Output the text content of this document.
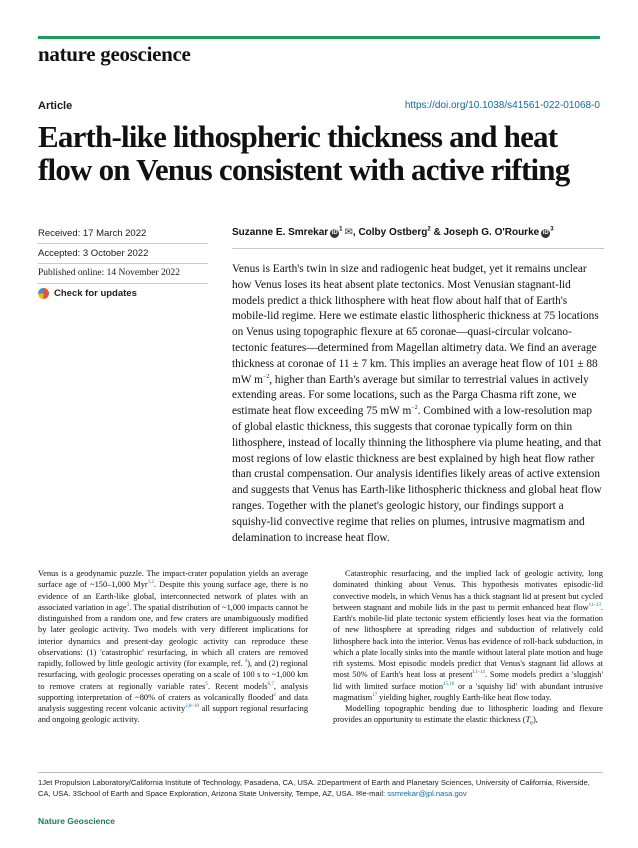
nature geoscience
Article	https://doi.org/10.1038/s41561-022-01068-0
Earth-like lithospheric thickness and heat
flow on Venus consistent with active rifting
Received: 17 March 2022
Accepted: 3 October 2022
Published online: 14 November 2022
Check for updates
Suzanne E. Smrekar $iD^1$ ✉, Colby Ostberg$^2$ & Joseph G. O'Rourke $iD^3$
Venus is Earth's twin in size and radiogenic heat budget, yet it remains unclear how Venus loses its heat absent plate tectonics. Most Venusian stagnant-lid models predict a thick lithosphere with heat flow about half that of Earth's mobile-lid regime. Here we estimate elastic lithospheric thickness at 75 locations on Venus using topographic flexure at 65 coronae—quasi-circular volcano-tectonic features—determined from Magellan altimetry data. We find an average thickness at coronae of 11 ± 7 km. This implies an average heat flow of 101 ± 88 mW $m^{-2}$, higher than Earth's average but similar to terrestrial values in actively extending areas. For some locations, such as the Parga Chasma rift zone, we estimate heat flow exceeding 75 mW $m^{-2}$. Combined with a low-resolution map of global elastic thickness, this suggests that coronae typically form on thin lithosphere, instead of locally thinning the lithosphere via plume heating, and that most regions of low elastic thickness are best explained by high heat flow rather than crustal compensation. Our analysis identifies likely areas of active extension and suggests that Venus has Earth-like lithospheric thickness and global heat flow ranges. Together with the planet's geologic history, our findings support a squishy-lid convective regime that relies on plumes, intrusive magmatism and delamination to increase heat flow.

Venus is a geodynamic puzzle. The impact-crater population yields an average surface age of ~150–1,000 Myr$^{1,2}$. Despite this young surface age, there is no evidence of an Earth-like global, interconnected network of plates with an associated variation in age$^3$. The spatial distribution of ~1,000 impacts cannot be distinguished from a random one, and few craters are unambiguously modified by later geologic activity. Two models with very different implications for interior dynamics and present-day geologic activity can reproduce these observations: (1) 'catastrophic' resurfacing, in which all craters are removed rapidly, followed by little geologic activity (for example, ref. $^4$), and (2) regional resurfacing, with geologic processes operating on a scale of 100 s to ~1,000 km to remove craters at regionally variable rates$^5$. Recent models$^{6,7}$, analysis supporting interpretation of ~80% of craters as volcanically flooded$^2$ and data analysis suggesting recent volcanic activity$^{2,8-10}$ all support regional resurfacing and ongoing geologic activity.

Catastrophic resurfacing, and the implied lack of geologic activity, long dominated thinking about Venus. This hypothesis motivates episodic-lid convective models, in which Venus has a thick stagnant lid at present but cycled between stagnant and mobile lids in the past to permit enhanced heat flow$^{11-13}$. Earth's mobile-lid plate tectonic system efficiently loses heat via the formation of new lithosphere at spreading ridges and subduction of relatively cold lithosphere back into the interior. Venus has evidence of roll-back subduction, in which a plate locally sinks into the mantle without lateral plate motion and huge rift systems. Most episodic models predict that Venus's stagnant lid allows at most 50% of Earth's heat loss at present$^{11-14}$. Some models predict a 'sluggish' lid with limited surface motion$^{15,16}$ or a 'squishy lid' with abundant intrusive magmatism$^{17}$ yielding higher, roughly Earth-like heat flow today.

Modelling topographic bending due to lithospheric loading and flexure provides an opportunity to estimate the elastic thickness $(T_e)$,

1Jet Propulsion Laboratory/California Institute of Technology, Pasadena, CA, USA. 2Department of Earth and Planetary Sciences, University of California, Riverside, CA, USA. 3School of Earth and Space Exploration, Arizona State University, Tempe, AZ, USA. ✉e-mail: ssmrekar@jpl.nasa.gov
Nature Geoscience
